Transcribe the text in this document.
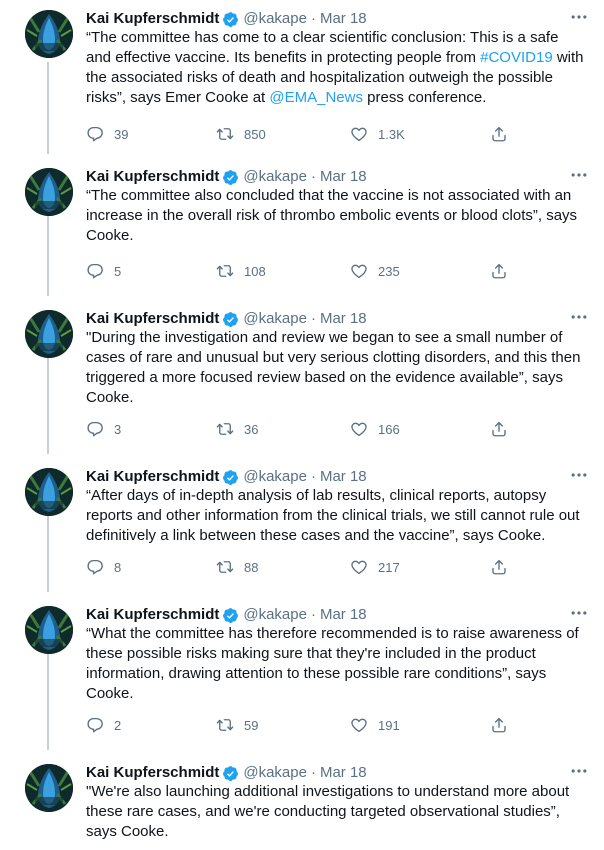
Kai Kupferschmidt @kakape · Mar 18
“The committee has come to a clear scientific conclusion: This is a safe and effective vaccine. Its benefits in protecting people from #COVID19 with the associated risks of death and hospitalization outweigh the possible risks”, says Emer Cooke at @EMA_News press conference.
39	850	1.3K
Kai Kupferschmidt @kakape · Mar 18
“The committee also concluded that the vaccine is not associated with an increase in the overall risk of thrombo embolic events or blood clots”, says Cooke.
5	108	235
Kai Kupferschmidt @kakape · Mar 18
"During the investigation and review we began to see a small number of cases of rare and unusual but very serious clotting disorders, and this then triggered a more focused review based on the evidence available”, says Cooke.
3	36	166
Kai Kupferschmidt @kakape · Mar 18
“After days of in-depth analysis of lab results, clinical reports, autopsy reports and other information from the clinical trials, we still cannot rule out definitively a link between these cases and the vaccine”, says Cooke.
8	88	217
Kai Kupferschmidt @kakape · Mar 18
“What the committee has therefore recommended is to raise awareness of these possible risks making sure that they're included in the product information, drawing attention to these possible rare conditions”, says Cooke.
2	59	191
Kai Kupferschmidt @kakape · Mar 18
"We're also launching additional investigations to understand more about these rare cases, and we're conducting targeted observational studies”, says Cooke.
